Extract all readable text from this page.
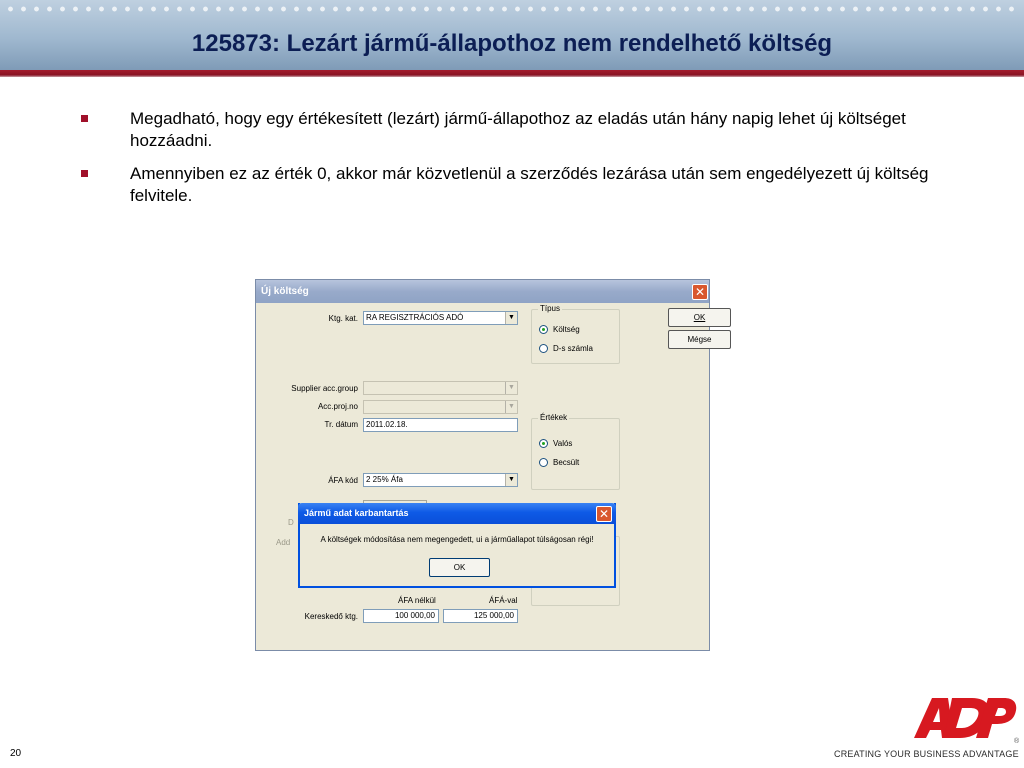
125873: Lezárt jármű-állapothoz nem rendelhető költség
Megadható, hogy egy értékesített (lezárt) jármű-állapothoz az eladás után hány napig lehet új költséget hozzáadni.
Amennyiben ez az érték 0, akkor már közvetlenül a szerződés lezárása után sem engedélyezett új költség felvitele.
Új költség	✕
Ktg. kat.	RA REGISZTRÁCIÓS ADÓ	▼
Típus
Költség
D-s számla
OK
Mégse
Supplier acc.group	▼
Acc.proj.no	▼
Tr. dátum	2011.02.18.
Értékek
Valós
Becsült
ÁFA kód	2 25% Áfa	▼
D
Add
ÁFA nélkül	ÁFÁ-val
Kereskedő ktg.	100 000,00	125 000,00
Jármű adat karbantartás	✕
A költségek módosítása nem megengedett, ui a járműallapot túlságosan régi!
OK
20
®
CREATING YOUR BUSINESS ADVANTAGE
